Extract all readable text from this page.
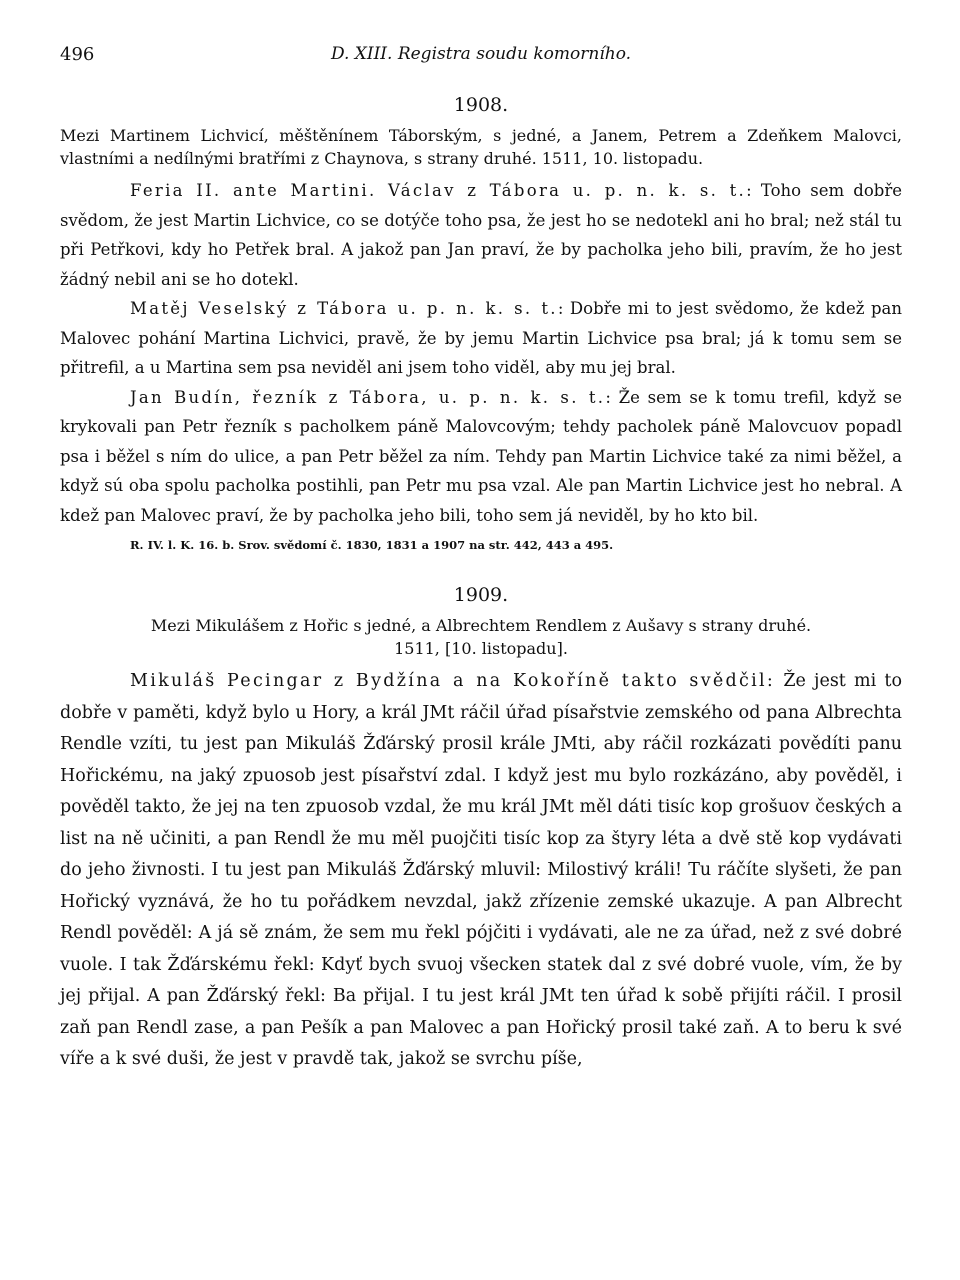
496	D. XIII. Registra soudu komorního.
1908.

Mezi Martinem Lichvicí, měštěnínem Táborským, s jedné, a Janem, Petrem a Zdeňkem Malovci, vlastními a nedílnými bratřími z Chaynova, s strany druhé. 1511, 10. listopadu.

Feria II. ante Martini. Václav z Tábora u. p. n. k. s. t.: Toho sem dobře svědom, že jest Martin Lichvice, co se dotýče toho psa, že jest ho se nedotekl ani ho bral; než stál tu při Petřkovi, kdy ho Petřek bral. A jakož pan Jan praví, že by pacholka jeho bili, pravím, že ho jest žádný nebil ani se ho dotekl.

Matěj Veselský z Tábora u. p. n. k. s. t.: Dobře mi to jest svědomo, že kdež pan Malovec pohání Martina Lichvici, pravě, že by jemu Martin Lichvice psa bral; já k tomu sem se přitrefil, a u Martina sem psa neviděl ani jsem toho viděl, aby mu jej bral.

Jan Budín, řezník z Tábora, u. p. n. k. s. t.: Že sem se k tomu trefil, když se krykovali pan Petr řezník s pacholkem páně Malovcovým; tehdy pacholek páně Malovcuov popadl psa i běžel s ním do ulice, a pan Petr běžel za ním. Tehdy pan Martin Lichvice také za nimi běžel, a když sú oba spolu pacholka postihli, pan Petr mu psa vzal. Ale pan Martin Lichvice jest ho nebral. A kdež pan Malovec praví, že by pacholka jeho bili, toho sem já neviděl, by ho kto bil.

R. IV. l. K. 16. b. Srov. svědomí č. 1830, 1831 a 1907 na str. 442, 443 a 495.

1909.

Mezi Mikulášem z Hořic s jedné, a Albrechtem Rendlem z Aušavy s strany druhé.
1511, [10. listopadu].

Mikuláš Pecingar z Bydžína a na Kokoříně takto svědčil: Že jest mi to dobře v paměti, když bylo u Hory, a král JMt ráčil úřad písařstvie zemského od pana Albrechta Rendle vzíti, tu jest pan Mikuláš Žďárský prosil krále JMti, aby ráčil rozkázati povědíti panu Hořickému, na jaký zpuosob jest písařství zdal. I když jest mu bylo rozkázáno, aby pověděl, i pověděl takto, že jej na ten zpuosob vzdal, že mu král JMt měl dáti tisíc kop grošuov českých a list na ně učiniti, a pan Rendl že mu měl puojčiti tisíc kop za štyry léta a dvě stě kop vydávati do jeho živnosti. I tu jest pan Mikuláš Žďárský mluvil: Milostivý králi! Tu ráčíte slyšeti, že pan Hořický vyznává, že ho tu pořádkem nevzdal, jakž zřízenie zemské ukazuje. A pan Albrecht Rendl pověděl: A já sě znám, že sem mu řekl pójčiti i vydávati, ale ne za úřad, než z své dobré vuole. I tak Žďárskému řekl: Kdyť bych svuoj všecken statek dal z své dobré vuole, vím, že by jej přijal. A pan Žďárský řekl: Ba přijal. I tu jest král JMt ten úřad k sobě přijíti ráčil. I prosil zaň pan Rendl zase, a pan Pešík a pan Malovec a pan Hořický prosil také zaň. A to beru k své víře a k své duši, že jest v pravdě tak, jakož se svrchu píše,
